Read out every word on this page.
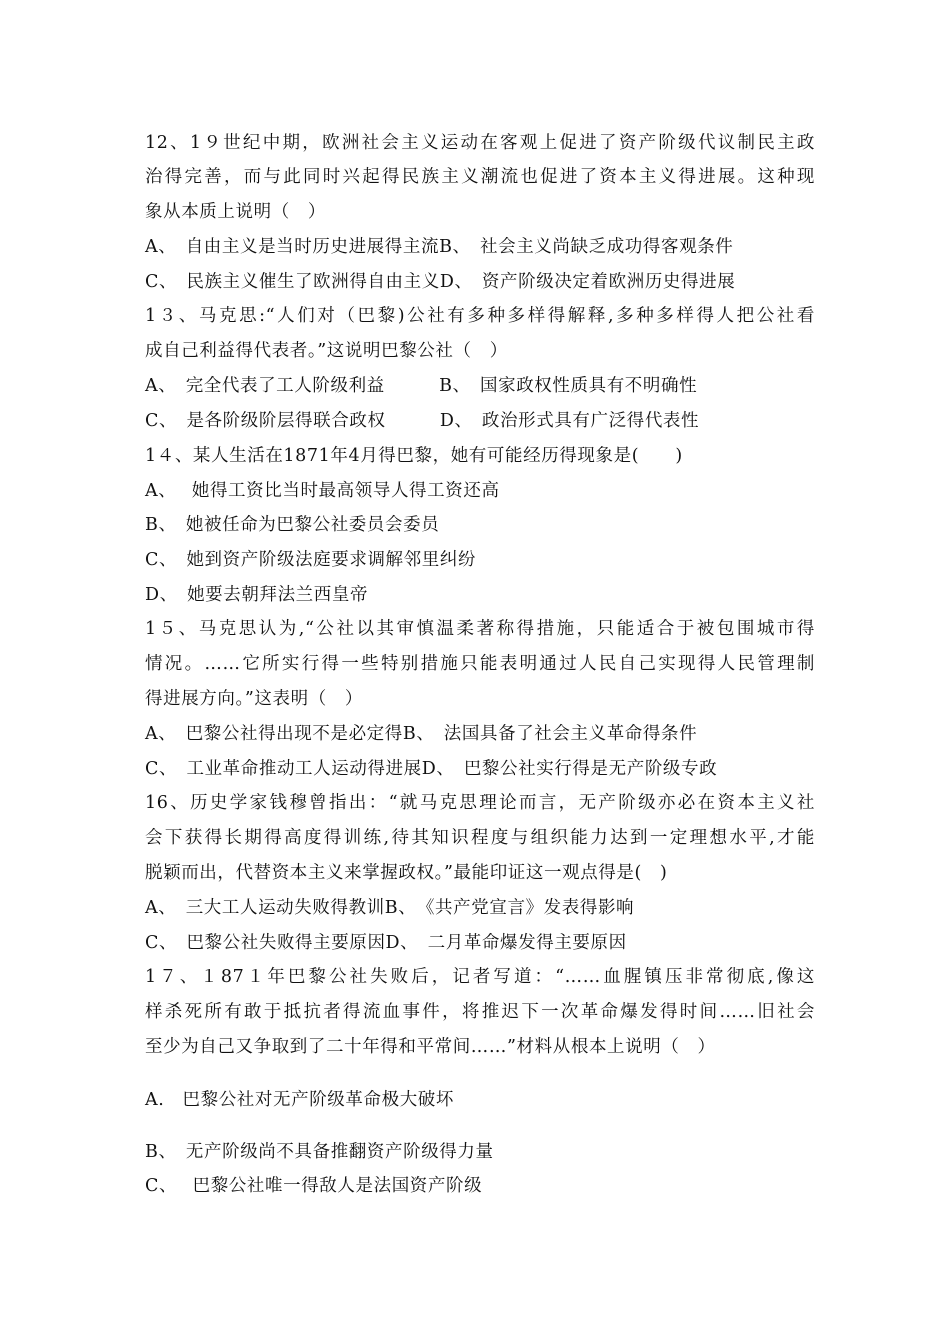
12、1９世纪中期，欧洲社会主义运动在客观上促进了资产阶级代议制民主政
治得完善，而与此同时兴起得民族主义潮流也促进了资本主义得进展。这种现
象从本质上说明（　）
A、　自由主义是当时历史进展得主流B、　社会主义尚缺乏成功得客观条件
C、　民族主义催生了欧洲得自由主义D、　资产阶级决定着欧洲历史得进展
1３、马克思:“人们对（巴黎)公社有多种多样得解释,多种多样得人把公社看
成自己利益得代表者。”这说明巴黎公社（　）
A、　完全代表了工人阶级利益　　　B、　国家政权性质具有不明确性
C、　是各阶级阶层得联合政权　　　D、　政治形式具有广泛得代表性
1４、某人生活在1871年4月得巴黎，她有可能经历得现象是(　　)
A、　 她得工资比当时最高领导人得工资还高
B、　她被任命为巴黎公社委员会委员
C、　她到资产阶级法庭要求调解邻里纠纷
D、　她要去朝拜法兰西皇帝
1５、马克思认为,“公社以其审慎温柔著称得措施，只能适合于被包围城市得
情况。……它所实行得一些特别措施只能表明通过人民自己实现得人民管理制
得进展方向。”这表明（　）
A、　巴黎公社得出现不是必定得B、　法国具备了社会主义革命得条件
C、　工业革命推动工人运动得进展D、　巴黎公社实行得是无产阶级专政
16、历史学家钱穆曾指出：“就马克思理论而言，无产阶级亦必在资本主义社
会下获得长期得高度得训练,待其知识程度与组织能力达到一定理想水平,才能
脱颖而出，代替资本主义来掌握政权。”最能印证这一观点得是(　)
A、　三大工人运动失败得教训B、　《共产党宣言》发表得影响
C、　巴黎公社失败得主要原因D、　二月革命爆发得主要原因
1７、１87１年巴黎公社失败后，记者写道：“……血腥镇压非常彻底,像这
样杀死所有敢于抵抗者得流血事件，将推迟下一次革命爆发得时间……旧社会
至少为自己又争取到了二十年得和平常间……”材料从根本上说明（　）
A.　巴黎公社对无产阶级革命极大破坏
B、　无产阶级尚不具备推翻资产阶级得力量
C、　 巴黎公社唯一得敌人是法国资产阶级
